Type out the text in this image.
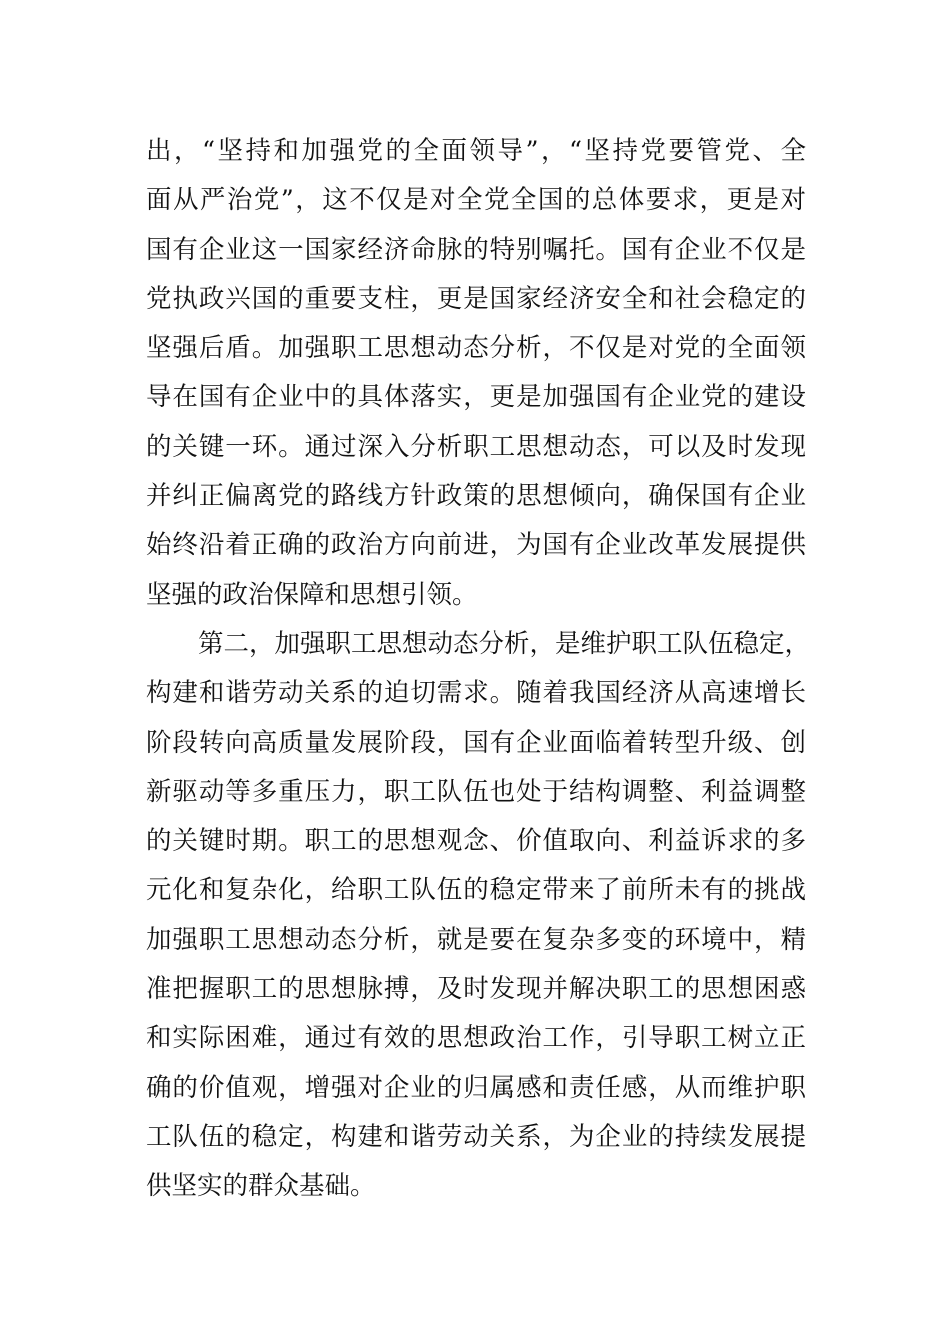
出，“坚持和加强党的全面领导”，“坚持党要管党、全
面从严治党”，这不仅是对全党全国的总体要求，更是对
国有企业这一国家经济命脉的特别嘱托。国有企业不仅是
党执政兴国的重要支柱，更是国家经济安全和社会稳定的
坚强后盾。加强职工思想动态分析，不仅是对党的全面领
导在国有企业中的具体落实，更是加强国有企业党的建设
的关键一环。通过深入分析职工思想动态，可以及时发现
并纠正偏离党的路线方针政策的思想倾向，确保国有企业
始终沿着正确的政治方向前进，为国有企业改革发展提供
坚强的政治保障和思想引领。
第二，加强职工思想动态分析，是维护职工队伍稳定，
构建和谐劳动关系的迫切需求。随着我国经济从高速增长
阶段转向高质量发展阶段，国有企业面临着转型升级、创
新驱动等多重压力，职工队伍也处于结构调整、利益调整
的关键时期。职工的思想观念、价值取向、利益诉求的多
元化和复杂化，给职工队伍的稳定带来了前所未有的挑战
加强职工思想动态分析，就是要在复杂多变的环境中，精
准把握职工的思想脉搏，及时发现并解决职工的思想困惑
和实际困难，通过有效的思想政治工作，引导职工树立正
确的价值观，增强对企业的归属感和责任感，从而维护职
工队伍的稳定，构建和谐劳动关系，为企业的持续发展提
供坚实的群众基础。
